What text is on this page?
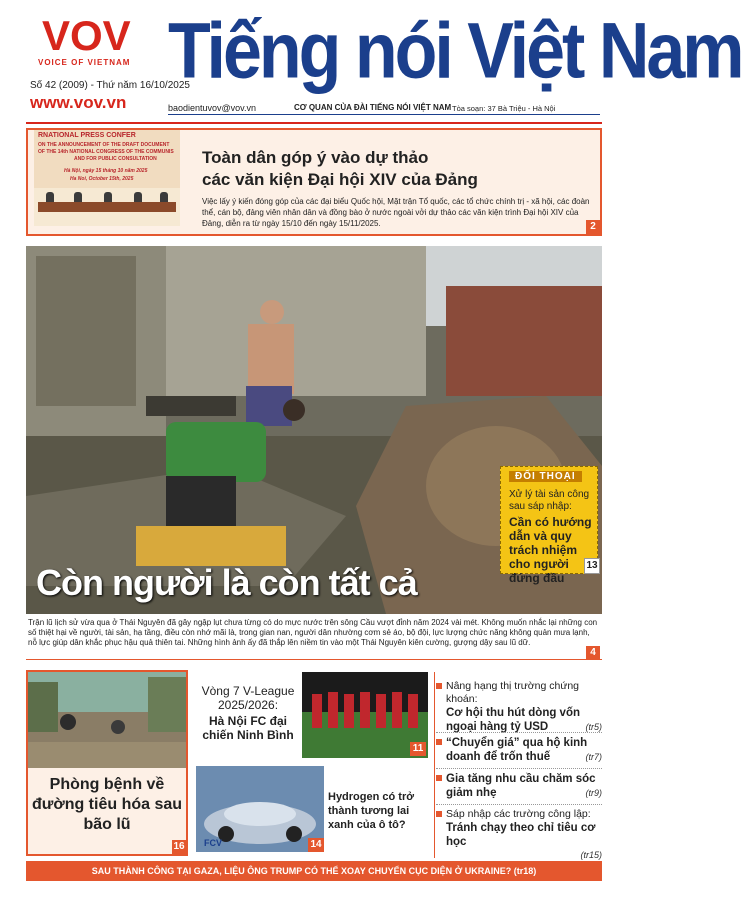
VOV
VOICE OF VIETNAM
Số 42 (2009) - Thứ năm 16/10/2025
www.vov.vn
Tiếng nói Việt Nam
baodientuvov@vov.vn	CƠ QUAN CỦA ĐÀI TIẾNG NÓI VIỆT NAM Tòa soạn: 37 Bà Triệu - Hà Nội
RNATIONAL PRESS CONFER
ON THE ANNOUNCEMENT OF THE DRAFT DOCUMENT
OF THE 14th NATIONAL CONGRESS OF THE COMMUNIS
AND FOR PUBLIC CONSULTATION
Hà Nội, ngày 15 tháng 10 năm 2025
Ha Noi, October 15th, 2025
Toàn dân góp ý vào dự thảo
các văn kiện Đại hội XIV của Đảng
Việc lấy ý kiến đóng góp của các đại biểu Quốc hội, Mặt trận Tổ quốc, các tổ chức chính trị - xã hội, các đoàn thể, cán bộ, đảng viên nhân dân và đồng bào ở nước ngoài vởi dự thảo các văn kiện trình Đại hội XIV của Đảng, diễn ra từ ngày 15/10 đến ngày 15/11/2025.	2
Còn người là còn tất cả
ĐỐI THOẠI
Xử lý tài sản công sau sáp nhập:
Cần có hướng dẫn và quy trách nhiệm cho người đứng đầu
13
Trận lũ lịch sử vừa qua ở Thái Nguyên đã gây ngập lụt chưa từng có do mực nước trên sông Cầu vượt đỉnh năm 2024 vài mét. Không muốn nhắc lại những con số thiệt hại về người, tài sản, hạ tầng, điều còn nhớ mãi là, trong gian nan, người dân nhường cơm sẻ áo, bộ đội, lực lượng chức năng không quản mưa lạnh, nỗ lực giúp dân khắc phục hậu quả thiên tai. Những hình ảnh ấy đã thắp lên niềm tin vào một Thái Nguyên kiên cường, gượng dậy sau lũ dữ.
4
Phòng bệnh về đường tiêu hóa sau bão lũ
16
Vòng 7 V-League 2025/2026:
Hà Nội FC đại chiến Ninh Bình
11
FCV
Hydrogen có trở thành tương lai xanh của ô tô?
14
Nâng hạng thị trường chứng khoán:
Cơ hội thu hút dòng vốn ngoại hàng tỷ USD	(tr5)
“Chuyển giá” qua hộ kinh doanh để trốn thuế	(tr7)
Gia tăng nhu cầu chăm sóc giảm nhẹ	(tr9)
Sáp nhập các trường công lập:
Tránh chạy theo chỉ tiêu cơ học
(tr15)
SAU THÀNH CÔNG TẠI GAZA, LIỆU ÔNG TRUMP CÓ THỂ XOAY CHUYỂN CỤC DIỆN Ở UKRAINE? (tr18)
